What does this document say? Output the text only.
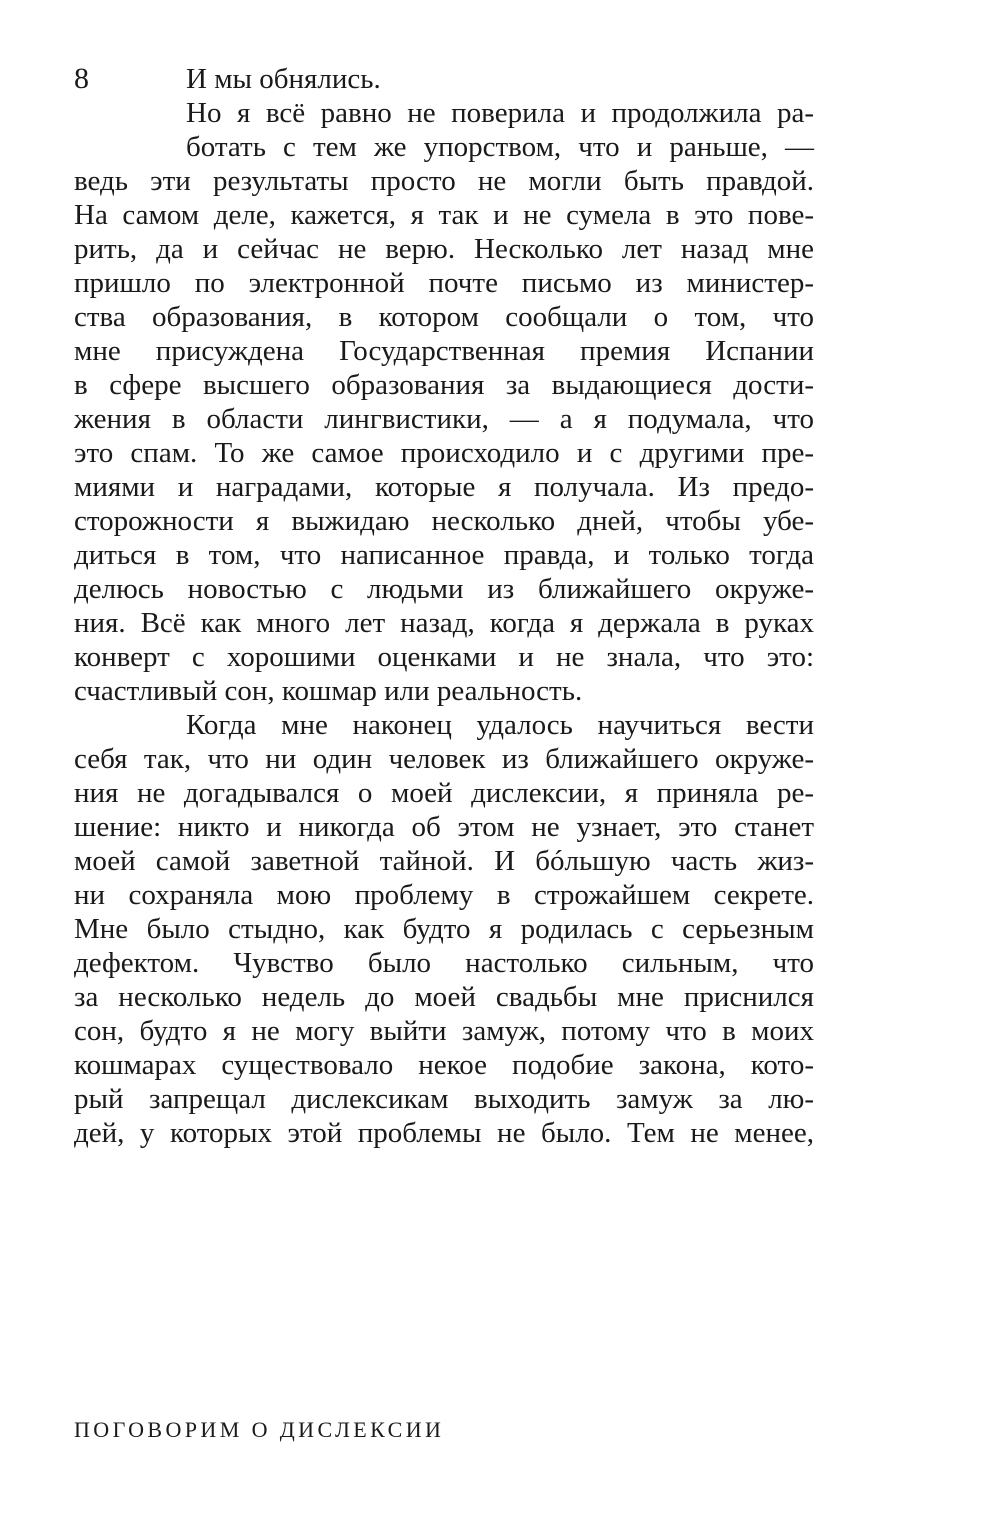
8	И мы обнялись.
Но я всё равно не поверила и продолжила ра-
ботать с тем же упорством, что и раньше, —
ведь эти результаты просто не могли быть правдой.
На самом деле, кажется, я так и не сумела в это пове-
рить, да и сейчас не верю. Несколько лет назад мне
пришло по электронной почте письмо из министер-
ства образования, в котором сообщали о том, что
мне присуждена Государственная премия Испании
в сфере высшего образования за выдающиеся дости-
жения в области лингвистики, — а я подумала, что
это спам. То же самое происходило и с другими пре-
миями и наградами, которые я получала. Из предо-
сторожности я выжидаю несколько дней, чтобы убе-
диться в том, что написанное правда, и только тогда
делюсь новостью с людьми из ближайшего окруже-
ния. Всё как много лет назад, когда я держала в руках
конверт с хорошими оценками и не знала, что это:
счастливый сон, кошмар или реальность.
Когда мне наконец удалось научиться вести
себя так, что ни один человек из ближайшего окруже-
ния не догадывался о моей дислексии, я приняла ре-
шение: никто и никогда об этом не узнает, это станет
моей самой заветной тайной. И бóльшую часть жиз-
ни сохраняла мою проблему в строжайшем секрете.
Мне было стыдно, как будто я родилась с серьезным
дефектом. Чувство было настолько сильным, что
за несколько недель до моей свадьбы мне приснился
сон, будто я не могу выйти замуж, потому что в моих
кошмарах существовало некое подобие закона, кото-
рый запрещал дислексикам выходить замуж за лю-
дей, у которых этой проблемы не было. Тем не менее,
ПОГОВОРИМ О ДИСЛЕКСИИ
